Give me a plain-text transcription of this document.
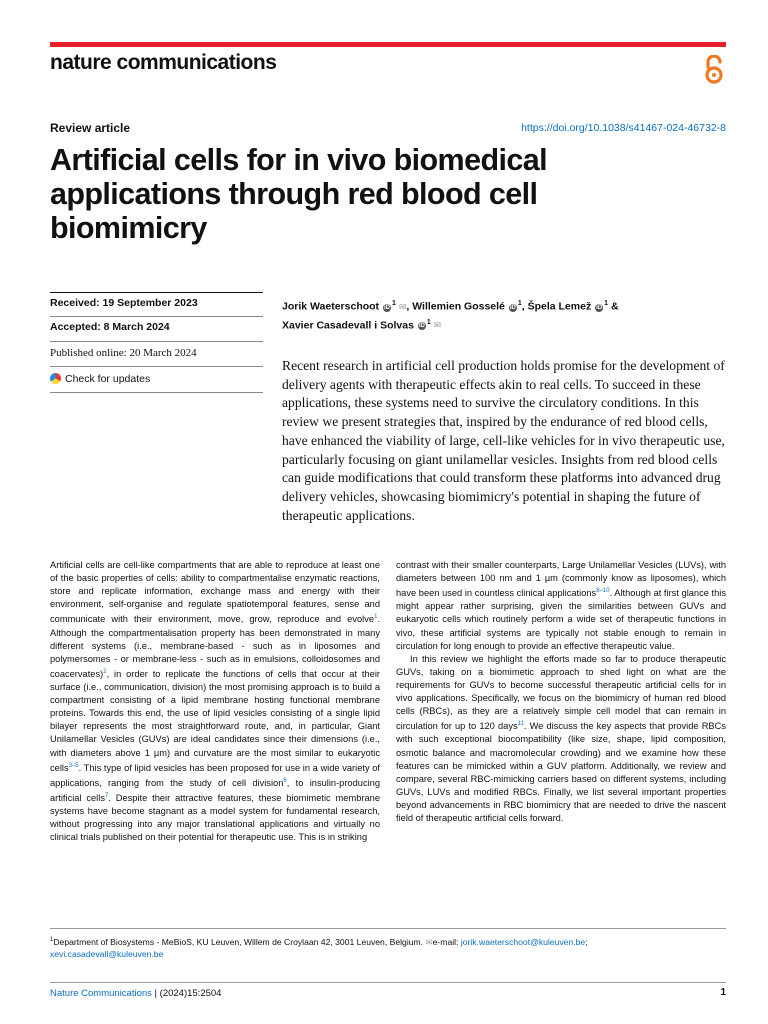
nature communications
Review article	https://doi.org/10.1038/s41467-024-46732-8
Artificial cells for in vivo biomedical applications through red blood cell biomimicry
Received: 19 September 2023
Accepted: 8 March 2024
Published online: 20 March 2024
Check for updates
Jorik Waeterschoot $iD^1$ ✉, Willemien Gosselé $iD^1$, Špela Lemež $iD^1$ &
Xavier Casadevall i Solvas $iD^1$ ✉
Recent research in artificial cell production holds promise for the development of delivery agents with therapeutic effects akin to real cells. To succeed in these applications, these systems need to survive the circulatory conditions. In this review we present strategies that, inspired by the endurance of red blood cells, have enhanced the viability of large, cell-like vehicles for in vivo therapeutic use, particularly focusing on giant unilamellar vesicles. Insights from red blood cells can guide modifications that could transform these platforms into advanced drug delivery vehicles, showcasing biomimicry's potential in shaping the future of therapeutic applications.

Artificial cells are cell-like compartments that are able to reproduce at least one of the basic properties of cells: ability to compartmentalise enzymatic reactions, store and replicate information, exchange mass and energy with their environment, self-organise and regulate spatiotemporal features, sense and communicate with their environment, move, grow, reproduce and evolve$^1$. Although the compartmentalisation property has been demonstrated in many different systems (i.e., membrane-based - such as in liposomes and polymersomes - or membrane-less - such as in emulsions, colloidosomes and coacervates)$^2$, in order to replicate the functions of cells that occur at their surface (i.e., communication, division) the most promising approach is to build a compartment consisting of a lipid membrane hosting functional membrane proteins. Towards this end, the use of lipid vesicles consisting of a single lipid bilayer represents the most straightforward route, and, in particular, Giant Unilamellar Vesicles (GUVs) are ideal candidates since their dimensions (i.e., with diameters above 1 µm) and curvature are the most similar to eukaryotic cells$^{3-5}$. This type of lipid vesicles has been proposed for use in a wide variety of applications, ranging from the study of cell division$^6$, to insulin-producing artificial cells$^7$. Despite their attractive features, these biomimetic membrane systems have become stagnant as a model system for fundamental research, without progressing into any major translational applications and virtually no clinical trials published on their potential for therapeutic use. This is in striking

contrast with their smaller counterparts, Large Unilamellar Vesicles (LUVs), with diameters between 100 nm and 1 µm (commonly know as liposomes), which have been used in countless clinical applications$^{8-10}$. Although at first glance this might appear rather surprising, given the similarities between GUVs and eukaryotic cells which routinely perform a wide set of therapeutic functions in vivo, these artificial systems are typically not stable enough to remain in circulation for long enough to provide an effective therapeutic value.

In this review we highlight the efforts made so far to produce therapeutic GUVs, taking on a biomimetic approach to shed light on what are the requirements for GUVs to become successful therapeutic artificial cells for in vivo applications. Specifically, we focus on the biomimicry of human red blood cells (RBCs), as they are a relatively simple cell model that can remain in circulation for up to 120 days$^{11}$. We discuss the key aspects that provide RBCs with such exceptional biocompatibility (like size, shape, lipid composition, osmotic balance and macromolecular crowding) and we examine how these features can be mimicked within a GUV platform. Additionally, we review and compare, several RBC-mimicking carriers based on different systems, including GUVs, LUVs and modified RBCs. Finally, we list several important properties beyond advancements in RBC biomimicry that are needed to drive the nascent field of therapeutic artificial cells forward.

$^1$Department of Biosystems - MeBioS, KU Leuven, Willem de Croylaan 42, 3001 Leuven, Belgium. ✉e-mail: jorik.waeterschoot@kuleuven.be;
xevi.casadevall@kuleuven.be
Nature Communications | (2024)15:2504	1
